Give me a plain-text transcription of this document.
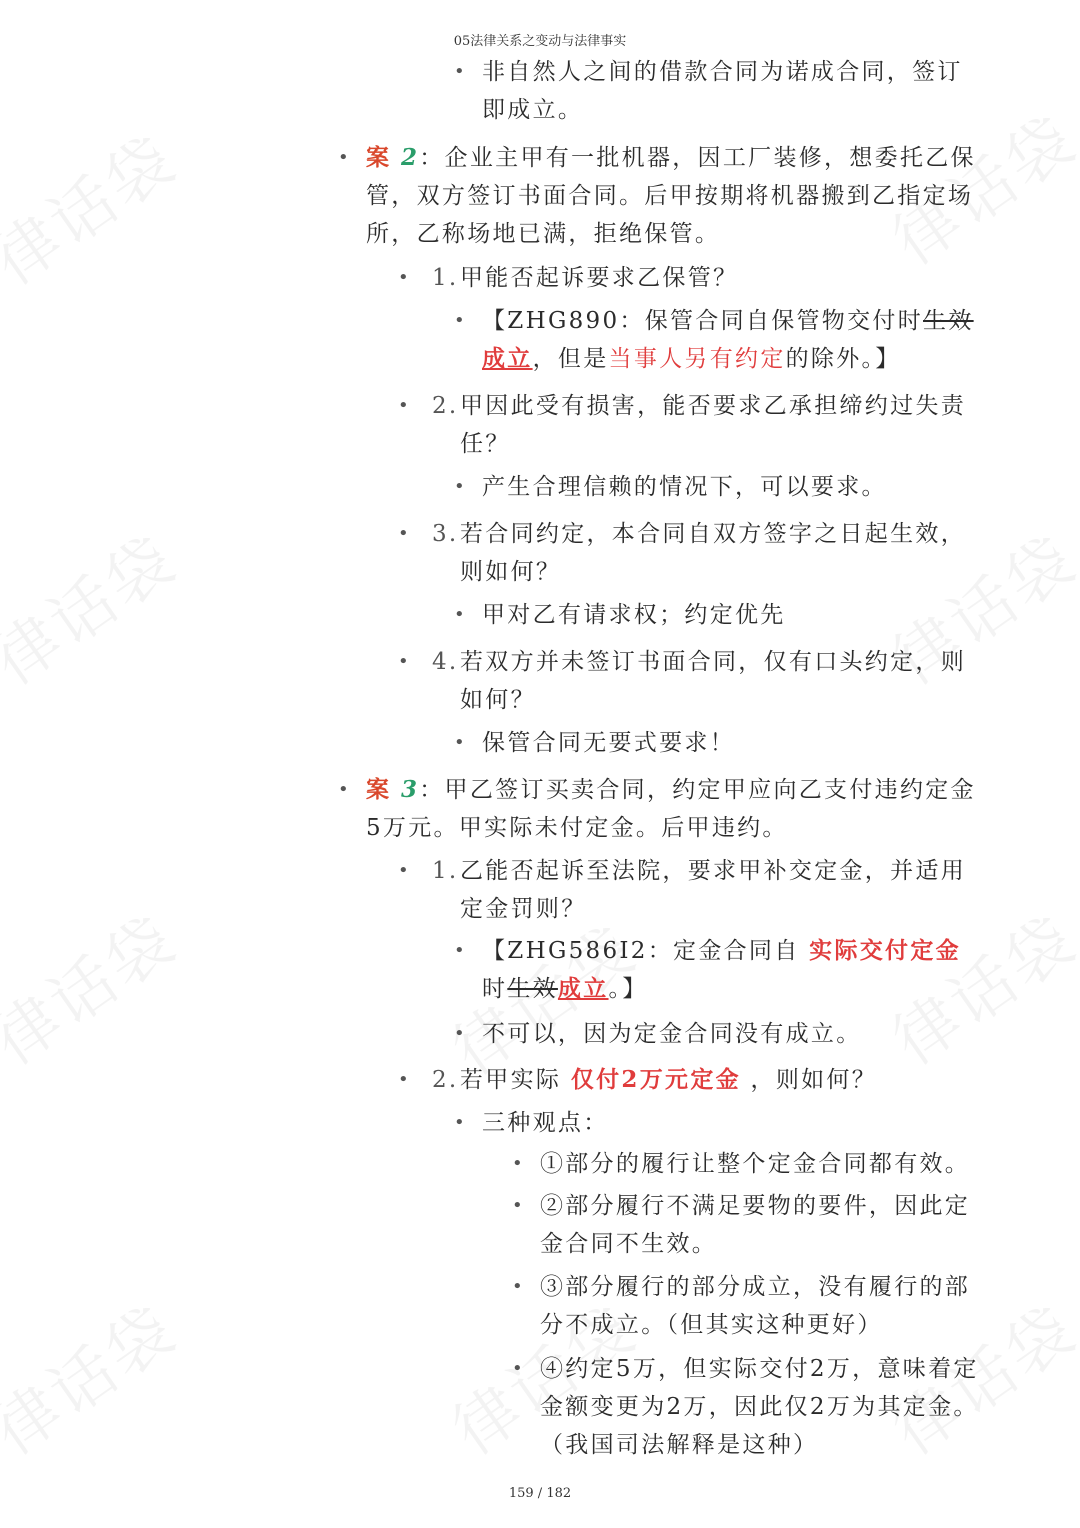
05法律关系之变动与法律事实

• 非自然人之间的借款合同为诺成合同，签订即成立。

• 案 2：企业主甲有一批机器，因工厂装修，想委托乙保管，双方签订书面合同。后甲按期将机器搬到乙指定场所，乙称场地已满，拒绝保管。

• 1. 甲能否起诉要求乙保管？

• 【ZHG890：保管合同自保管物交付时生效成立，但是当事人另有约定的除外。】

• 2. 甲因此受有损害，能否要求乙承担缔约过失责任？

• 产生合理信赖的情况下，可以要求。

• 3. 若合同约定，本合同自双方签字之日起生效，则如何？

• 甲对乙有请求权；约定优先

• 4. 若双方并未签订书面合同，仅有口头约定，则如何？

• 保管合同无要式要求！

• 案 3：甲乙签订买卖合同，约定甲应向乙支付违约定金5万元。甲实际未付定金。后甲违约。

• 1. 乙能否起诉至法院，要求甲补交定金，并适用定金罚则？

• 【ZHG586I2：定金合同自 实际交付定金 时生效成立。】

• 不可以，因为定金合同没有成立。

• 2. 若甲实际 仅付2万元定金 ，则如何？

• 三种观点：

• ①部分的履行让整个定金合同都有效。

• ②部分履行不满足要物的要件，因此定金合同不生效。

• ③部分履行的部分成立，没有履行的部分不成立。（但其实这种更好）

• ④约定5万，但实际交付2万，意味着定金额变更为2万，因此仅2万为其定金。（我国司法解释是这种）

159 / 182
